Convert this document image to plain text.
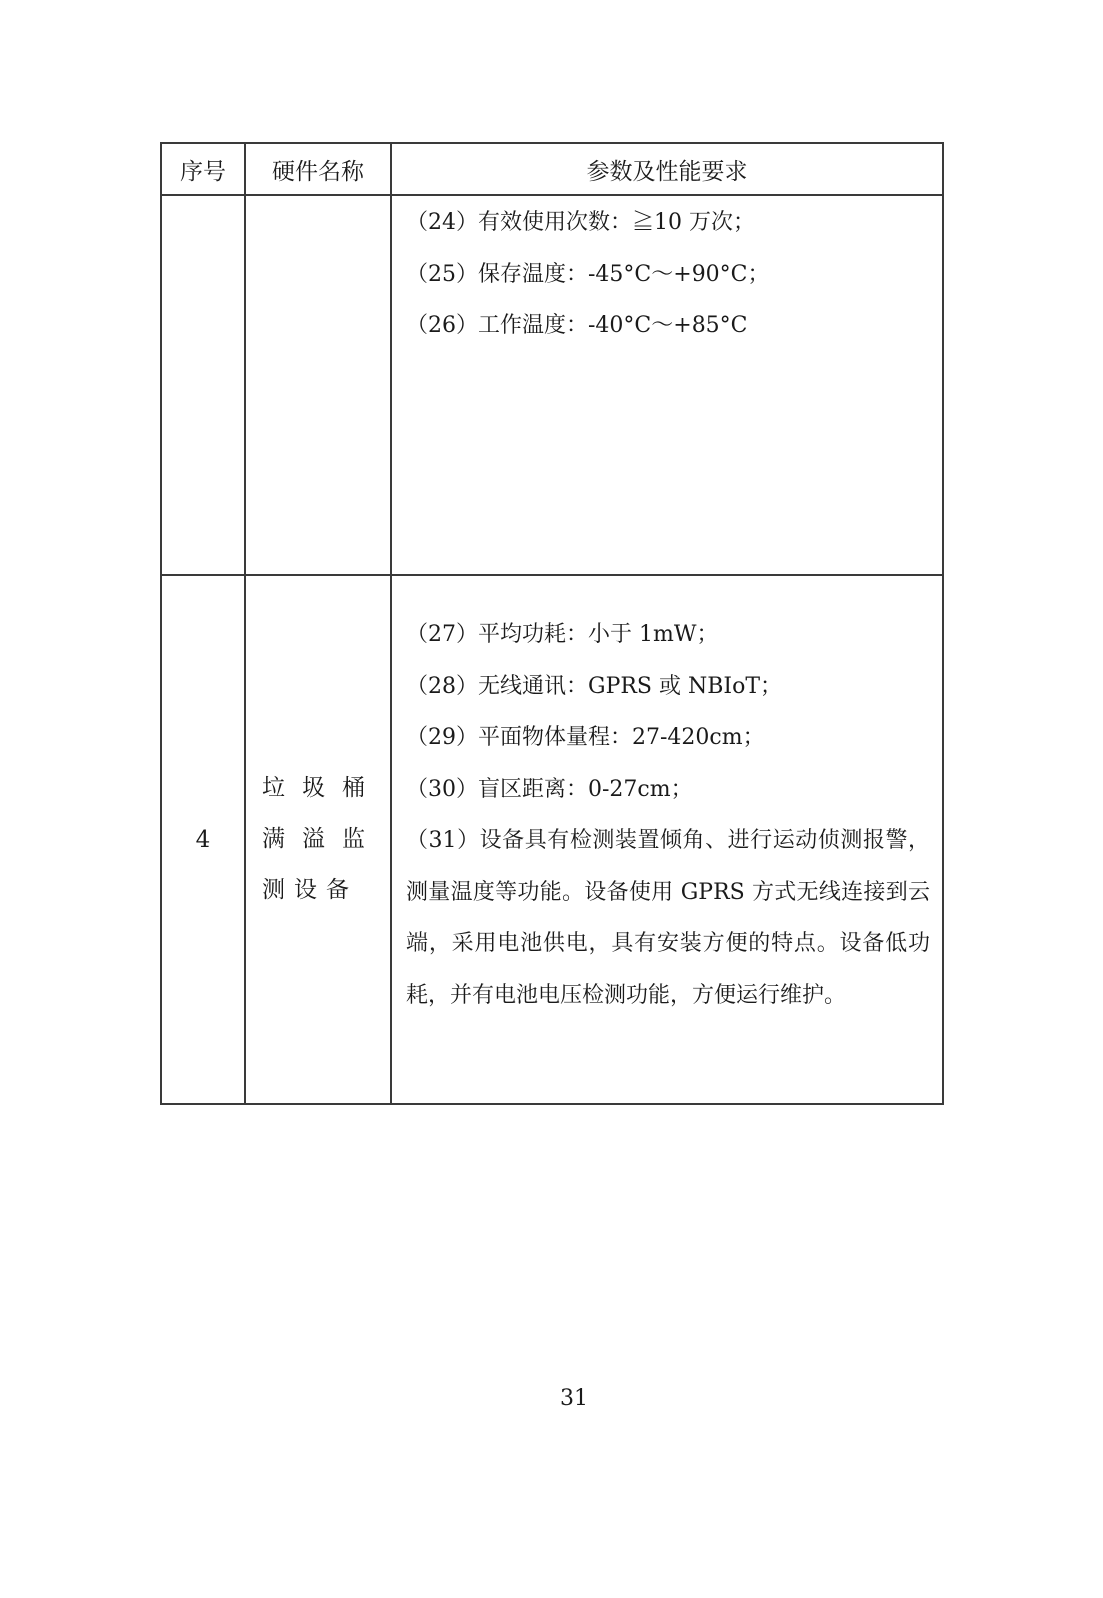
序号	硬件名称	参数及性能要求

		（24）有效使用次数：≧10 万次；
（25）保存温度：-45°C～+90°C；
（26）工作温度：-40°C～+85°C

4	垃圾桶满溢监测设备	（27）平均功耗：小于 1mW；
（28）无线通讯：GPRS 或 NBIoT；
（29）平面物体量程：27-420cm；
（30）盲区距离：0-27cm；
（31）设备具有检测装置倾角、进行运动侦测报警，测量温度等功能。设备使用 GPRS 方式无线连接到云端，采用电池供电，具有安装方便的特点。设备低功耗，并有电池电压检测功能，方便运行维护。
31
